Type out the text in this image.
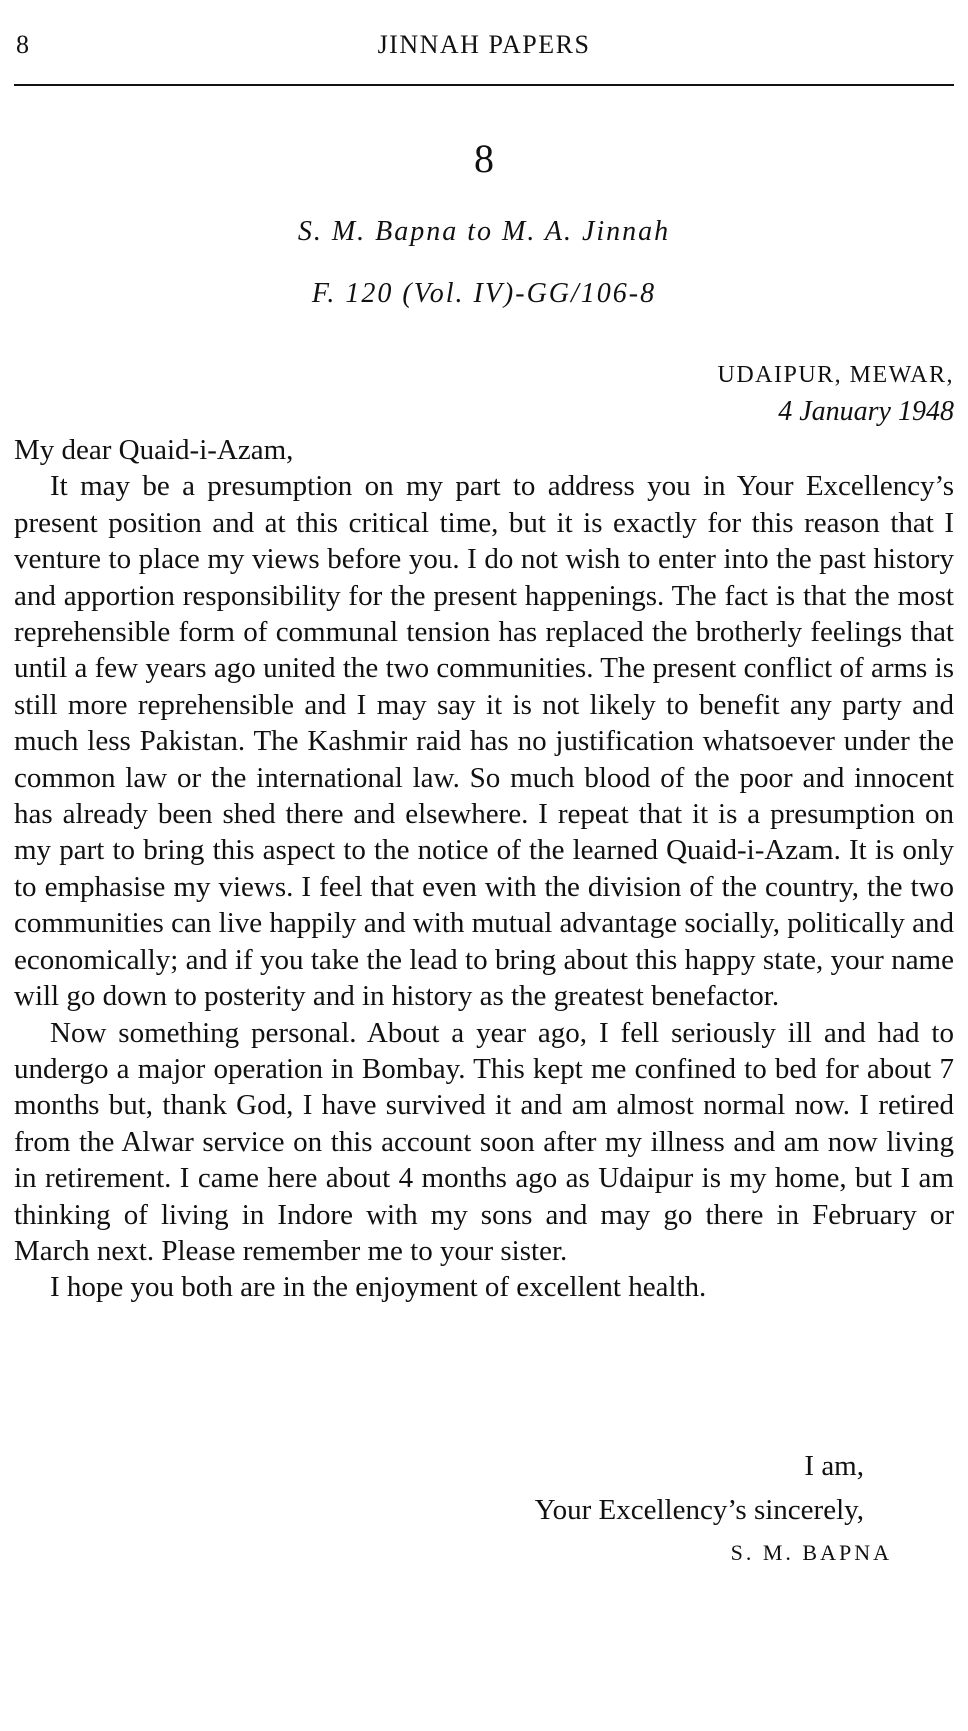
8	JINNAH PAPERS
8
S. M. Bapna to M. A. Jinnah
F. 120 (Vol. IV)-GG/106-8
UDAIPUR, MEWAR,
4 January 1948

My dear Quaid-i-Azam,

It may be a presumption on my part to address you in Your Excellency’s present position and at this critical time, but it is exactly for this reason that I venture to place my views before you. I do not wish to enter into the past history and apportion responsibility for the present happenings. The fact is that the most reprehensible form of communal tension has replaced the brotherly feelings that until a few years ago united the two communities. The present conflict of arms is still more reprehensible and I may say it is not likely to benefit any party and much less Pakistan. The Kashmir raid has no justification whatsoever under the common law or the international law. So much blood of the poor and innocent has already been shed there and elsewhere. I repeat that it is a presumption on my part to bring this aspect to the notice of the learned Quaid-i-Azam. It is only to emphasise my views. I feel that even with the division of the country, the two communities can live happily and with mutual advantage socially, politically and economically; and if you take the lead to bring about this happy state, your name will go down to posterity and in history as the greatest benefactor.

Now something personal. About a year ago, I fell seriously ill and had to undergo a major operation in Bombay. This kept me confined to bed for about 7 months but, thank God, I have survived it and am almost normal now. I retired from the Alwar service on this account soon after my illness and am now living in retirement. I came here about 4 months ago as Udaipur is my home, but I am thinking of living in Indore with my sons and may go there in February or March next. Please remember me to your sister.

I hope you both are in the enjoyment of excellent health.

I am,
Your Excellency’s sincerely,
S. M. BAPNA
